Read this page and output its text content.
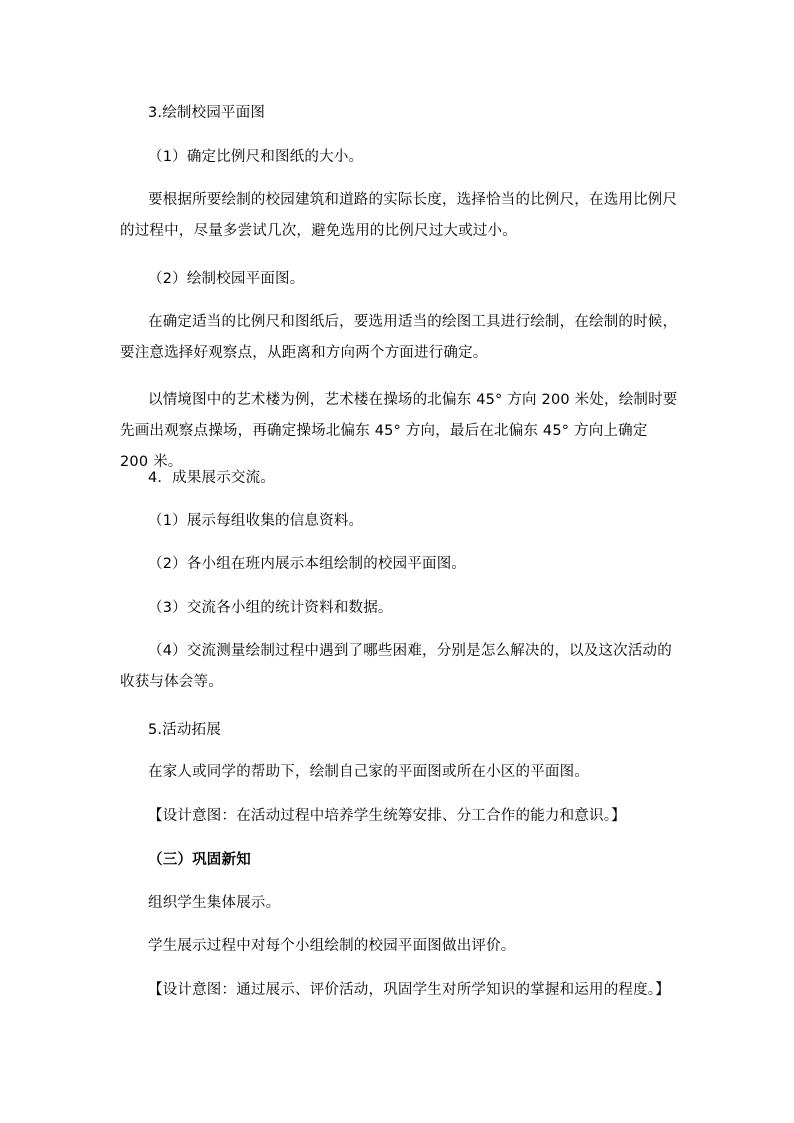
3.绘制校园平面图

（1）确定比例尺和图纸的大小。

要根据所要绘制的校园建筑和道路的实际长度，选择恰当的比例尺，在选用比例尺的过程中，尽量多尝试几次，避免选用的比例尺过大或过小。

（2）绘制校园平面图。

在确定适当的比例尺和图纸后，要选用适当的绘图工具进行绘制，在绘制的时候，要注意选择好观察点，从距离和方向两个方面进行确定。

以情境图中的艺术楼为例，艺术楼在操场的北偏东 45° 方向 200 米处，绘制时要先画出观察点操场，再确定操场北偏东 45° 方向，最后在北偏东 45° 方向上确定 200 米。

4．成果展示交流。

（1）展示每组收集的信息资料。

（2）各小组在班内展示本组绘制的校园平面图。

（3）交流各小组的统计资料和数据。

（4）交流测量绘制过程中遇到了哪些困难，分别是怎么解决的，以及这次活动的收获与体会等。

5.活动拓展

在家人或同学的帮助下，绘制自己家的平面图或所在小区的平面图。

【设计意图：在活动过程中培养学生统筹安排、分工合作的能力和意识。】

（三）巩固新知

组织学生集体展示。

学生展示过程中对每个小组绘制的校园平面图做出评价。

【设计意图：通过展示、评价活动，巩固学生对所学知识的掌握和运用的程度。】
